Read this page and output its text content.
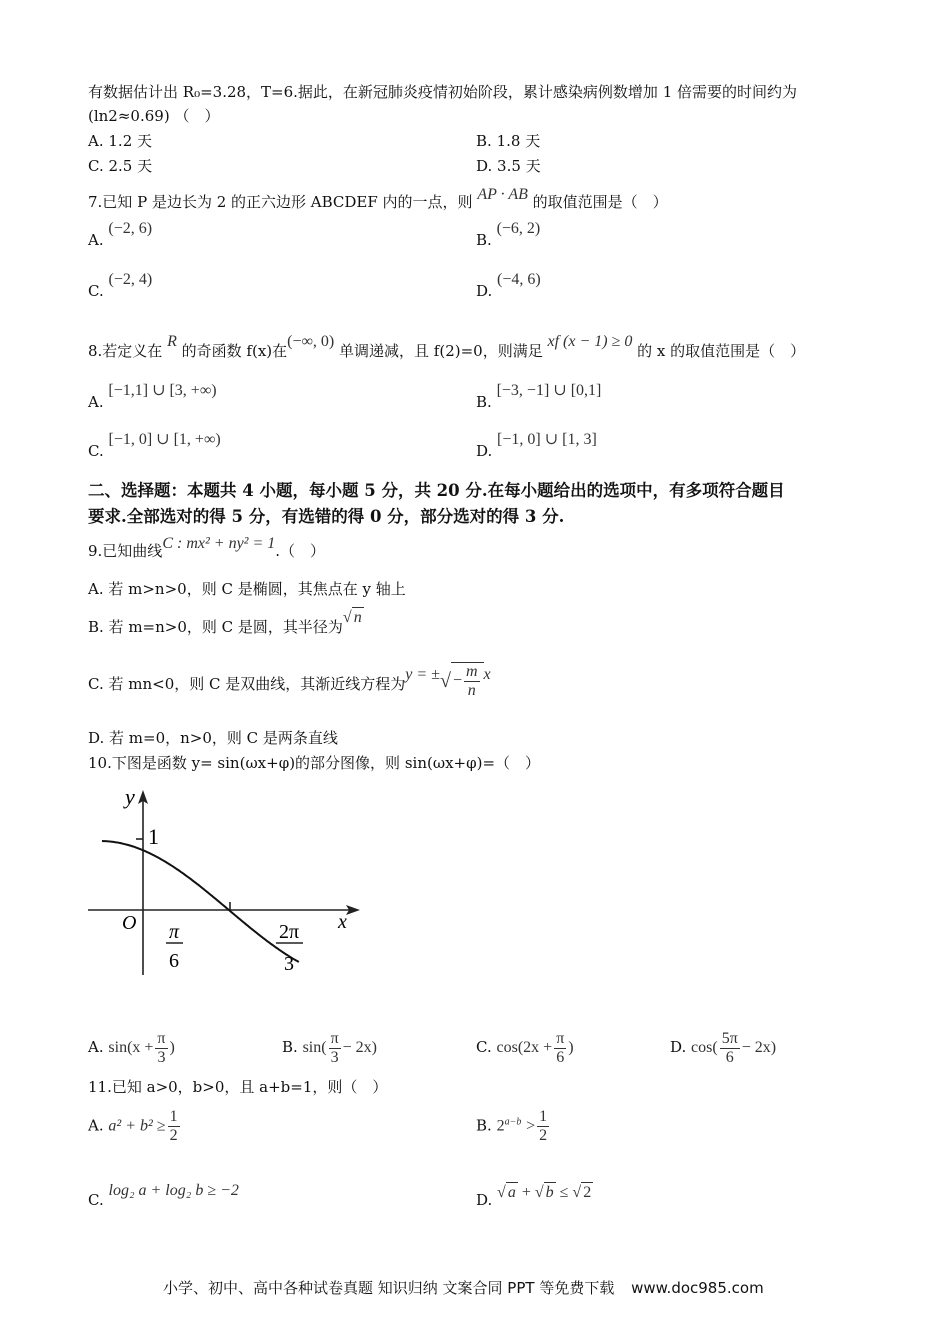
有数据估计出 R₀=3.28，T=6.据此，在新冠肺炎疫情初始阶段，累计感染病例数增加 1 倍需要的时间约为
(ln2≈0.69) （　）
A. 1.2 天	B. 1.8 天
C. 2.5 天	D. 3.5 天
7.已知 P 是边长为 2 的正六边形 ABCDEF 内的一点，则 AP · AB 的取值范围是（　）
A. (−2, 6)
B. (−6, 2)
C. (−2, 4)
D. (−4, 6)
8.若定义在 R 的奇函数 f(x)在(−∞, 0) 单调递减，且 f(2)=0，则满足 xf (x − 1) ≥ 0 的 x 的取值范围是（　）
A. [−1,1] ∪ [3, +∞)
B. [−3, −1] ∪ [0,1]
C. [−1, 0] ∪ [1, +∞)
D. [−1, 0] ∪ [1, 3]
二、选择题：本题共 4 小题，每小题 5 分，共 20 分.在每小题给出的选项中，有多项符合题目
要求.全部选对的得 5 分，有选错的得 0 分，部分选对的得 3 分.
9.已知曲线C : mx² + ny² = 1.（　）
A. 若 m>n>0，则 C 是椭圆，其焦点在 y 轴上
B. 若 m=n>0，则 C 是圆，其半径为√ n
C. 若 mn<0，则 C 是双曲线，其渐近线方程为y = ±√ − $\frac{m}{n}$ x
D. 若 m=0，n>0，则 C 是两条直线
10.下图是函数 y= sin(ωx+φ)的部分图像，则 sin(ωx+φ)=（　）
y
x
O
1
π
6
2π
3
A. $\sin(x + \frac{\pi}{3}$ )	B. $\sin( \frac{\pi}{3} - 2x)$	C. $\cos(2x + \frac{\pi}{6}$ )	D. $\cos( \frac{5\pi}{6} - 2x)$
11.已知 a>0，b>0，且 a+b=1，则（　）
A. $a^2 + b^2 \ge \frac{1}{2}$	B. $2^{a-b} > \frac{1}{2}$
C. log₂ a + log₂ b ≥ −2
D. √ a + √ b ≤ √ 2
小学、初中、高中各种试卷真题 知识归纳 文案合同 PPT 等免费下载 www.doc985.com
